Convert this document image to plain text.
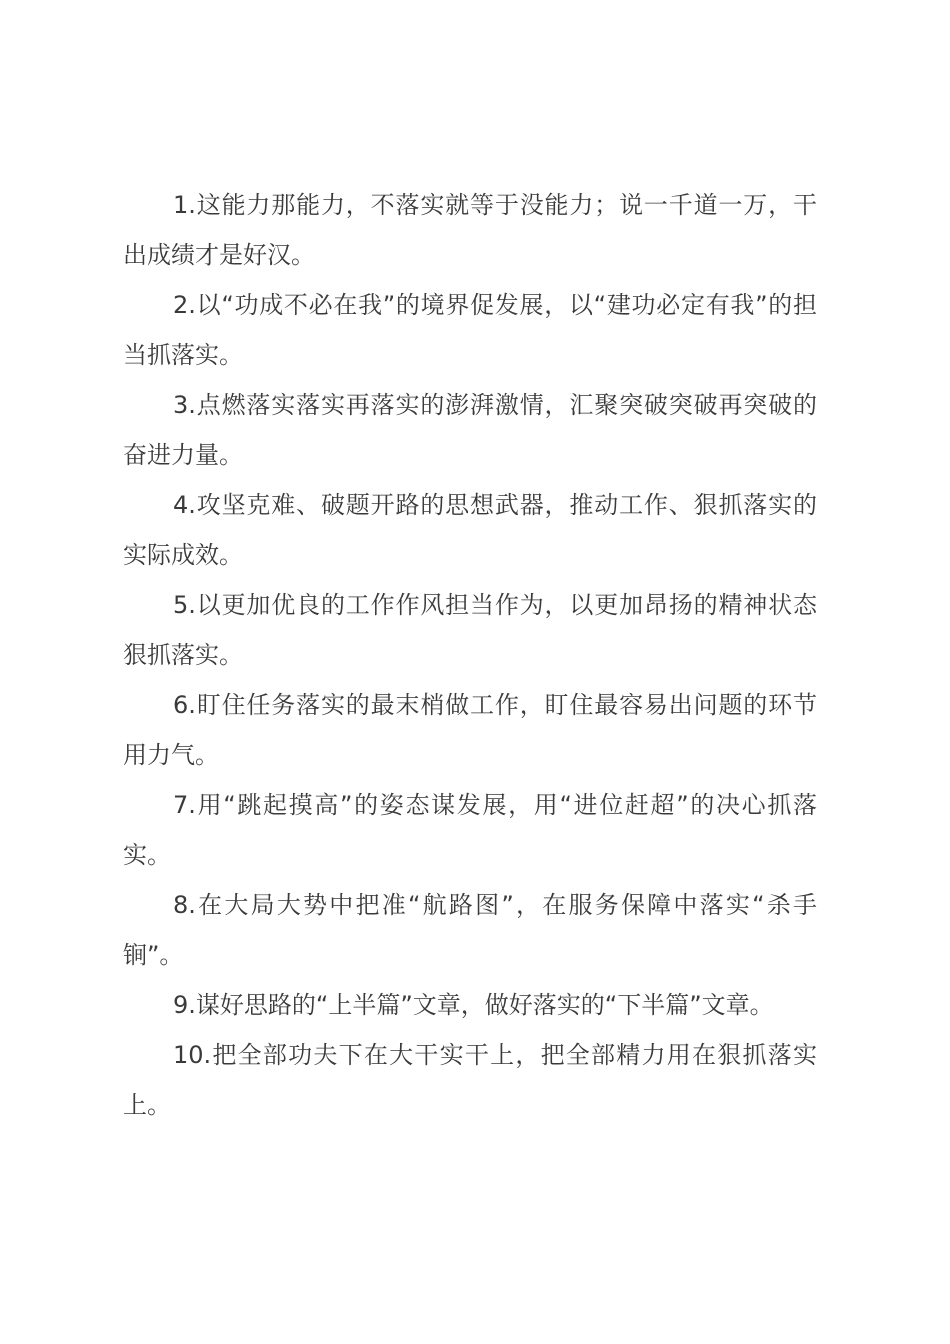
1.这能力那能力，不落实就等于没能力；说一千道一万，干出成绩才是好汉。

2.以“功成不必在我”的境界促发展，以“建功必定有我”的担当抓落实。

3.点燃落实落实再落实的澎湃激情，汇聚突破突破再突破的奋进力量。

4.攻坚克难、破题开路的思想武器，推动工作、狠抓落实的实际成效。

5.以更加优良的工作作风担当作为，以更加昂扬的精神状态狠抓落实。

6.盯住任务落实的最末梢做工作，盯住最容易出问题的环节用力气。

7.用“跳起摸高”的姿态谋发展，用“进位赶超”的决心抓落实。

8.在大局大势中把准“航路图”，在服务保障中落实“杀手锏”。

9.谋好思路的“上半篇”文章，做好落实的“下半篇”文章。

10.把全部功夫下在大干实干上，把全部精力用在狠抓落实上。
